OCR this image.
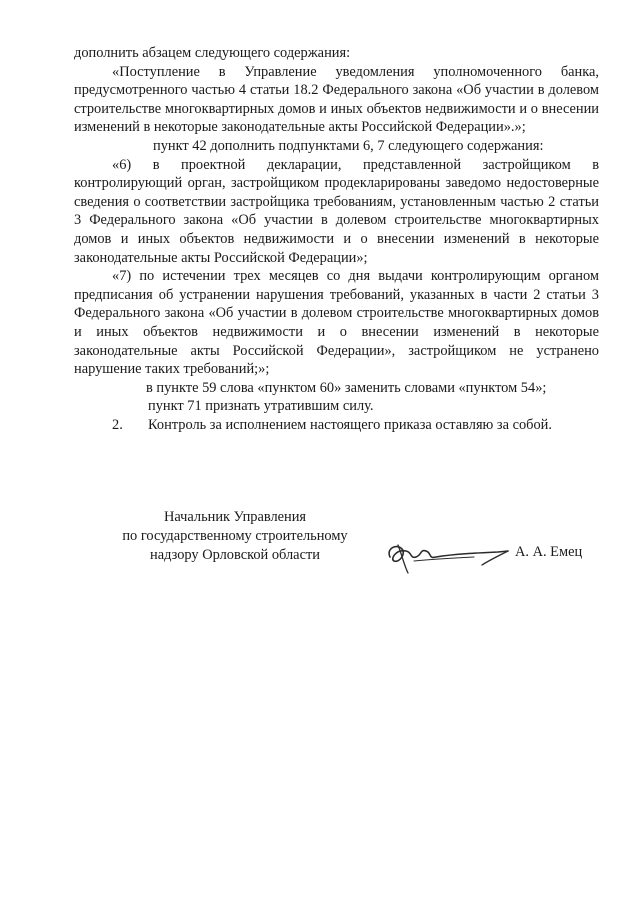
дополнить абзацем следующего содержания:

«Поступление в Управление уведомления уполномоченного банка, предусмотренного частью 4 статьи 18.2 Федерального закона «Об участии в долевом строительстве многоквартирных домов и иных объектов недвижимости и о внесении изменений в некоторые законодательные акты Российской Федерации».»;

пункт 42 дополнить подпунктами 6, 7 следующего содержания:

«6) в проектной декларации, представленной застройщиком в контролирующий орган, застройщиком продекларированы заведомо недостоверные сведения о соответствии застройщика требованиям, установленным частью 2 статьи 3 Федерального закона «Об участии в долевом строительстве многоквартирных домов и иных объектов недвижимости и о внесении изменений в некоторые законодательные акты Российской Федерации»;

«7) по истечении трех месяцев со дня выдачи контролирующим органом предписания об устранении нарушения требований, указанных в части 2 статьи 3 Федерального закона «Об участии в долевом строительстве многоквартирных домов и иных объектов недвижимости и о внесении изменений в некоторые законодательные акты Российской Федерации», застройщиком не устранено нарушение таких требований;»;

в пункте 59 слова «пунктом 60» заменить словами «пунктом 54»;

пункт 71 признать утратившим силу.

2.	Контроль за исполнением настоящего приказа оставляю за собой.

Начальник Управления
по государственному строительному
надзору Орловской области	А. А. Емец
